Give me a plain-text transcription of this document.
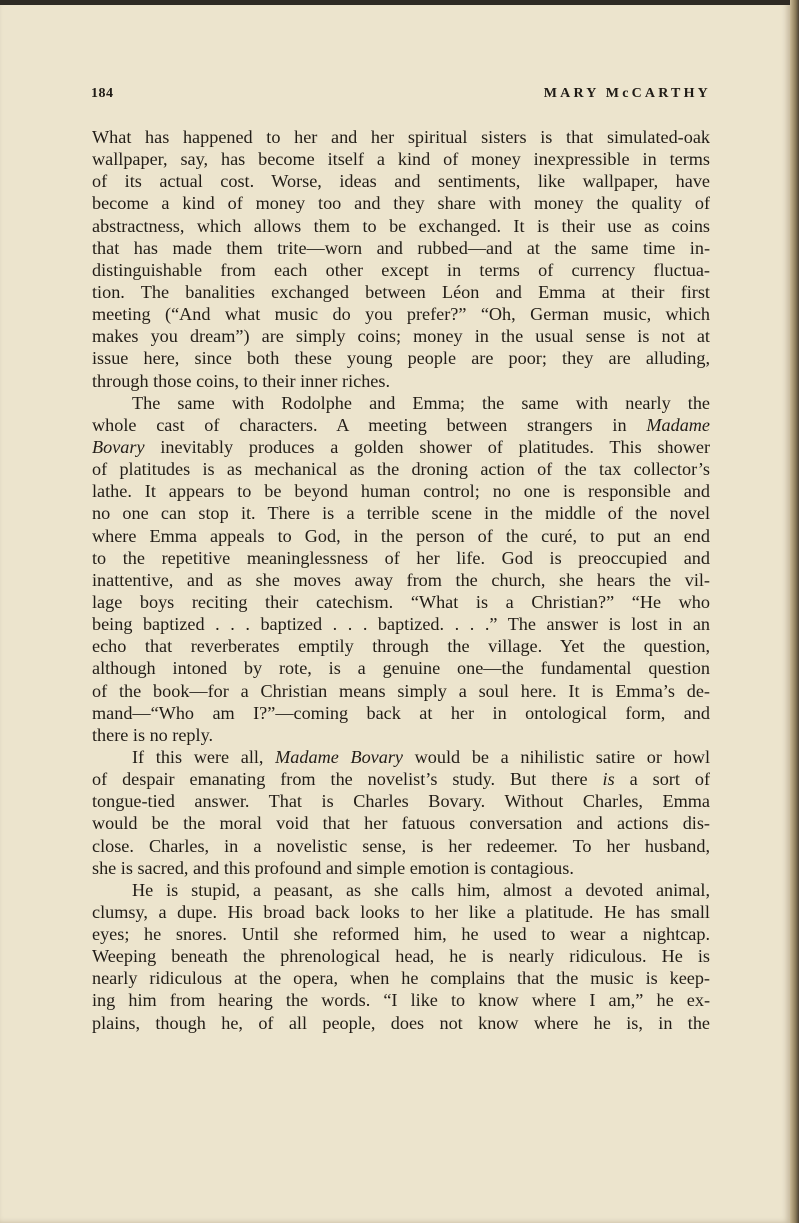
184	MARY McCARTHY
What has happened to her and her spiritual sisters is that simulated-oak
wallpaper, say, has become itself a kind of money inexpressible in terms
of its actual cost. Worse, ideas and sentiments, like wallpaper, have
become a kind of money too and they share with money the quality of
abstractness, which allows them to be exchanged. It is their use as coins
that has made them trite—worn and rubbed—and at the same time in-
distinguishable from each other except in terms of currency fluctua-
tion. The banalities exchanged between Léon and Emma at their first
meeting (“And what music do you prefer?” “Oh, German music, which
makes you dream”) are simply coins; money in the usual sense is not at
issue here, since both these young people are poor; they are alluding,
through those coins, to their inner riches.
The same with Rodolphe and Emma; the same with nearly the
whole cast of characters. A meeting between strangers in Madame
Bovary inevitably produces a golden shower of platitudes. This shower
of platitudes is as mechanical as the droning action of the tax collector’s
lathe. It appears to be beyond human control; no one is responsible and
no one can stop it. There is a terrible scene in the middle of the novel
where Emma appeals to God, in the person of the curé, to put an end
to the repetitive meaninglessness of her life. God is preoccupied and
inattentive, and as she moves away from the church, she hears the vil-
lage boys reciting their catechism. “What is a Christian?” “He who
being baptized . . . baptized . . . baptized. . . .” The answer is lost in an
echo that reverberates emptily through the village. Yet the question,
although intoned by rote, is a genuine one—the fundamental question
of the book—for a Christian means simply a soul here. It is Emma’s de-
mand—“Who am I?”—coming back at her in ontological form, and
there is no reply.
If this were all, Madame Bovary would be a nihilistic satire or howl
of despair emanating from the novelist’s study. But there is a sort of
tongue-tied answer. That is Charles Bovary. Without Charles, Emma
would be the moral void that her fatuous conversation and actions dis-
close. Charles, in a novelistic sense, is her redeemer. To her husband,
she is sacred, and this profound and simple emotion is contagious.
He is stupid, a peasant, as she calls him, almost a devoted animal,
clumsy, a dupe. His broad back looks to her like a platitude. He has small
eyes; he snores. Until she reformed him, he used to wear a nightcap.
Weeping beneath the phrenological head, he is nearly ridiculous. He is
nearly ridiculous at the opera, when he complains that the music is keep-
ing him from hearing the words. “I like to know where I am,” he ex-
plains, though he, of all people, does not know where he is, in the
